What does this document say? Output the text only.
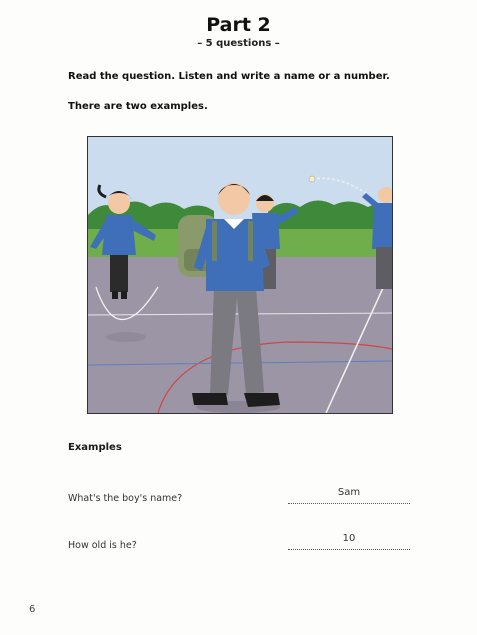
Part 2
– 5 questions –
Read the question. Listen and write a name or a number.
There are two examples.
Examples
What's the boy's name?
Sam
How old is he?
10
6
